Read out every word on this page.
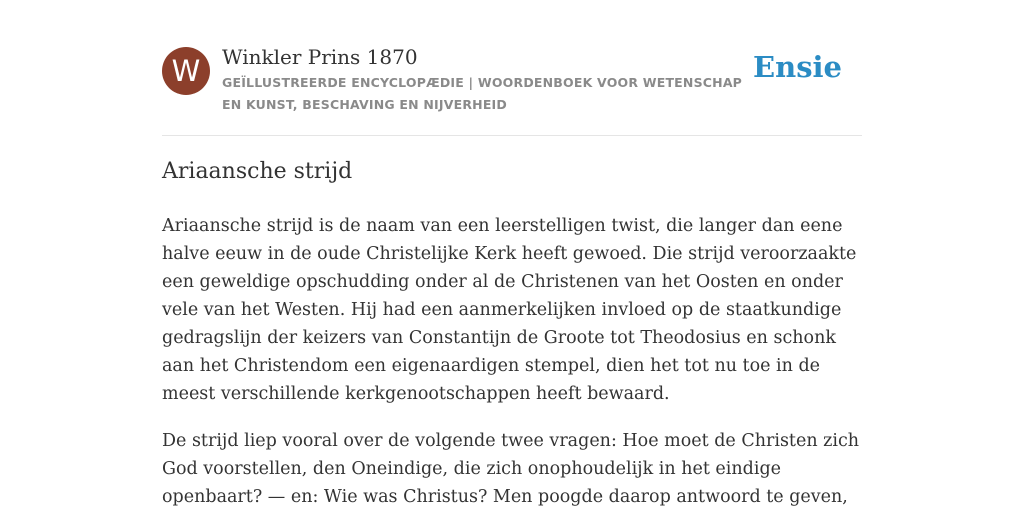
W	Winkler Prins 1870
GEÏLLUSTREERDE ENCYCLOPÆDIE | WOORDENBOEK VOOR WETENSCHAP EN KUNST, BESCHAVING EN NIJVERHEID
Ensie
Ariaansche strijd

Ariaansche strijd is de naam van een leerstelligen twist, die langer dan eene halve eeuw in de oude Christelijke Kerk heeft gewoed. Die strijd veroorzaakte een geweldige opschudding onder al de Christenen van het Oosten en onder vele van het Westen. Hij had een aanmerkelijken invloed op de staatkundige gedragslijn der keizers van Constantijn de Groote tot Theodosius en schonk aan het Christendom een eigenaardigen stempel, dien het tot nu toe in de meest verschillende kerkgenootschappen heeft bewaard.

De strijd liep vooral over de volgende twee vragen: Hoe moet de Christen zich God voorstellen, den Oneindige, die zich onophoudelijk in het eindige openbaart? — en: Wie was Christus? Men poogde daarop antwoord te geven,
